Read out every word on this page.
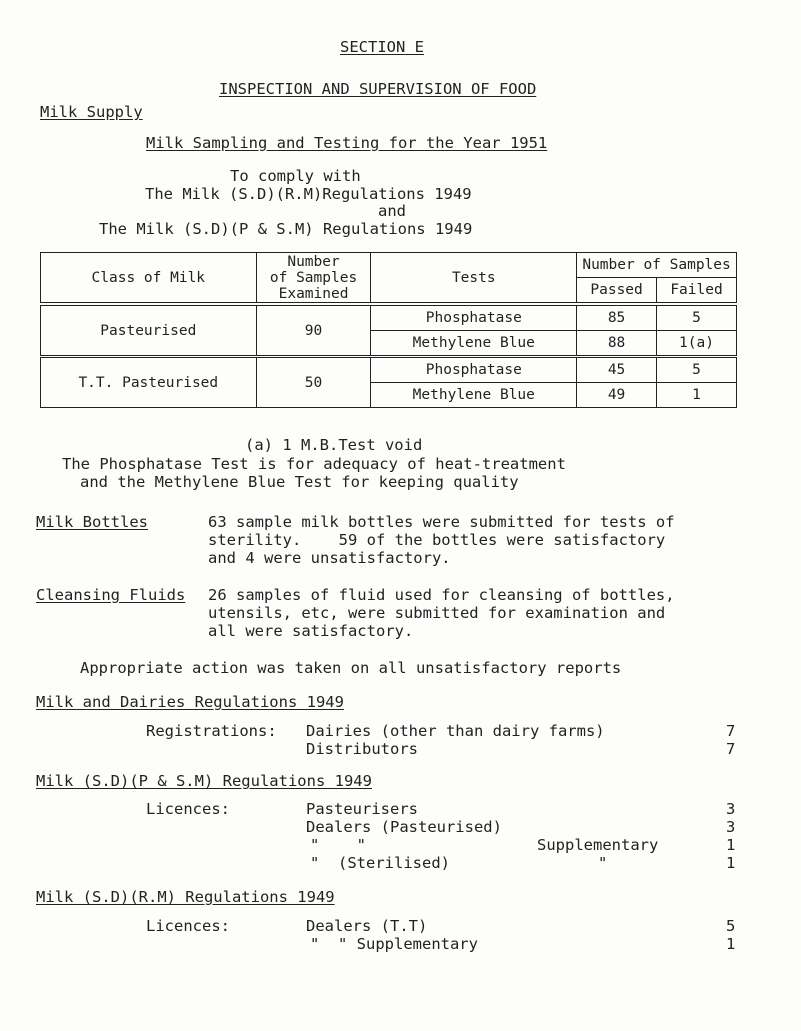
SECTION E
INSPECTION AND SUPERVISION OF FOOD
Milk Supply
Milk Sampling and Testing for the Year 1951
To comply with
The Milk (S.D)(R.M)Regulations 1949
and
The Milk (S.D)(P & S.M) Regulations 1949
Class of Milk	Number
of Samples
Examined	Tests	Number of Samples	
			Passed	Failed
Pasteurised	90	Phosphatase	85	5
		Methylene Blue	88	1(a)
T.T. Pasteurised	50	Phosphatase	45	5
		Methylene Blue	49	1
(a) 1 M.B.Test void
The Phosphatase Test is for adequacy of heat-treatment
and the Methylene Blue Test for keeping quality
Milk Bottles	63 sample milk bottles were submitted for tests of
sterility.    59 of the bottles were satisfactory
and 4 were unsatisfactory.
Cleansing Fluids 26 samples of fluid used for cleansing of bottles,
utensils, etc, were submitted for examination and
all were satisfactory.
Appropriate action was taken on all unsatisfactory reports
Milk and Dairies Regulations 1949
Registrations: Dairies (other than dairy farms)	7
Distributors	7
Milk (S.D)(P & S.M) Regulations 1949
Licences:	Pasteurisers	3
Dealers (Pasteurised)	3
"    "	Supplementary	1
"  (Sterilised)	"	1
Milk (S.D)(R.M) Regulations 1949
Licences:	Dealers (T.T)	5
"  " Supplementary	1
